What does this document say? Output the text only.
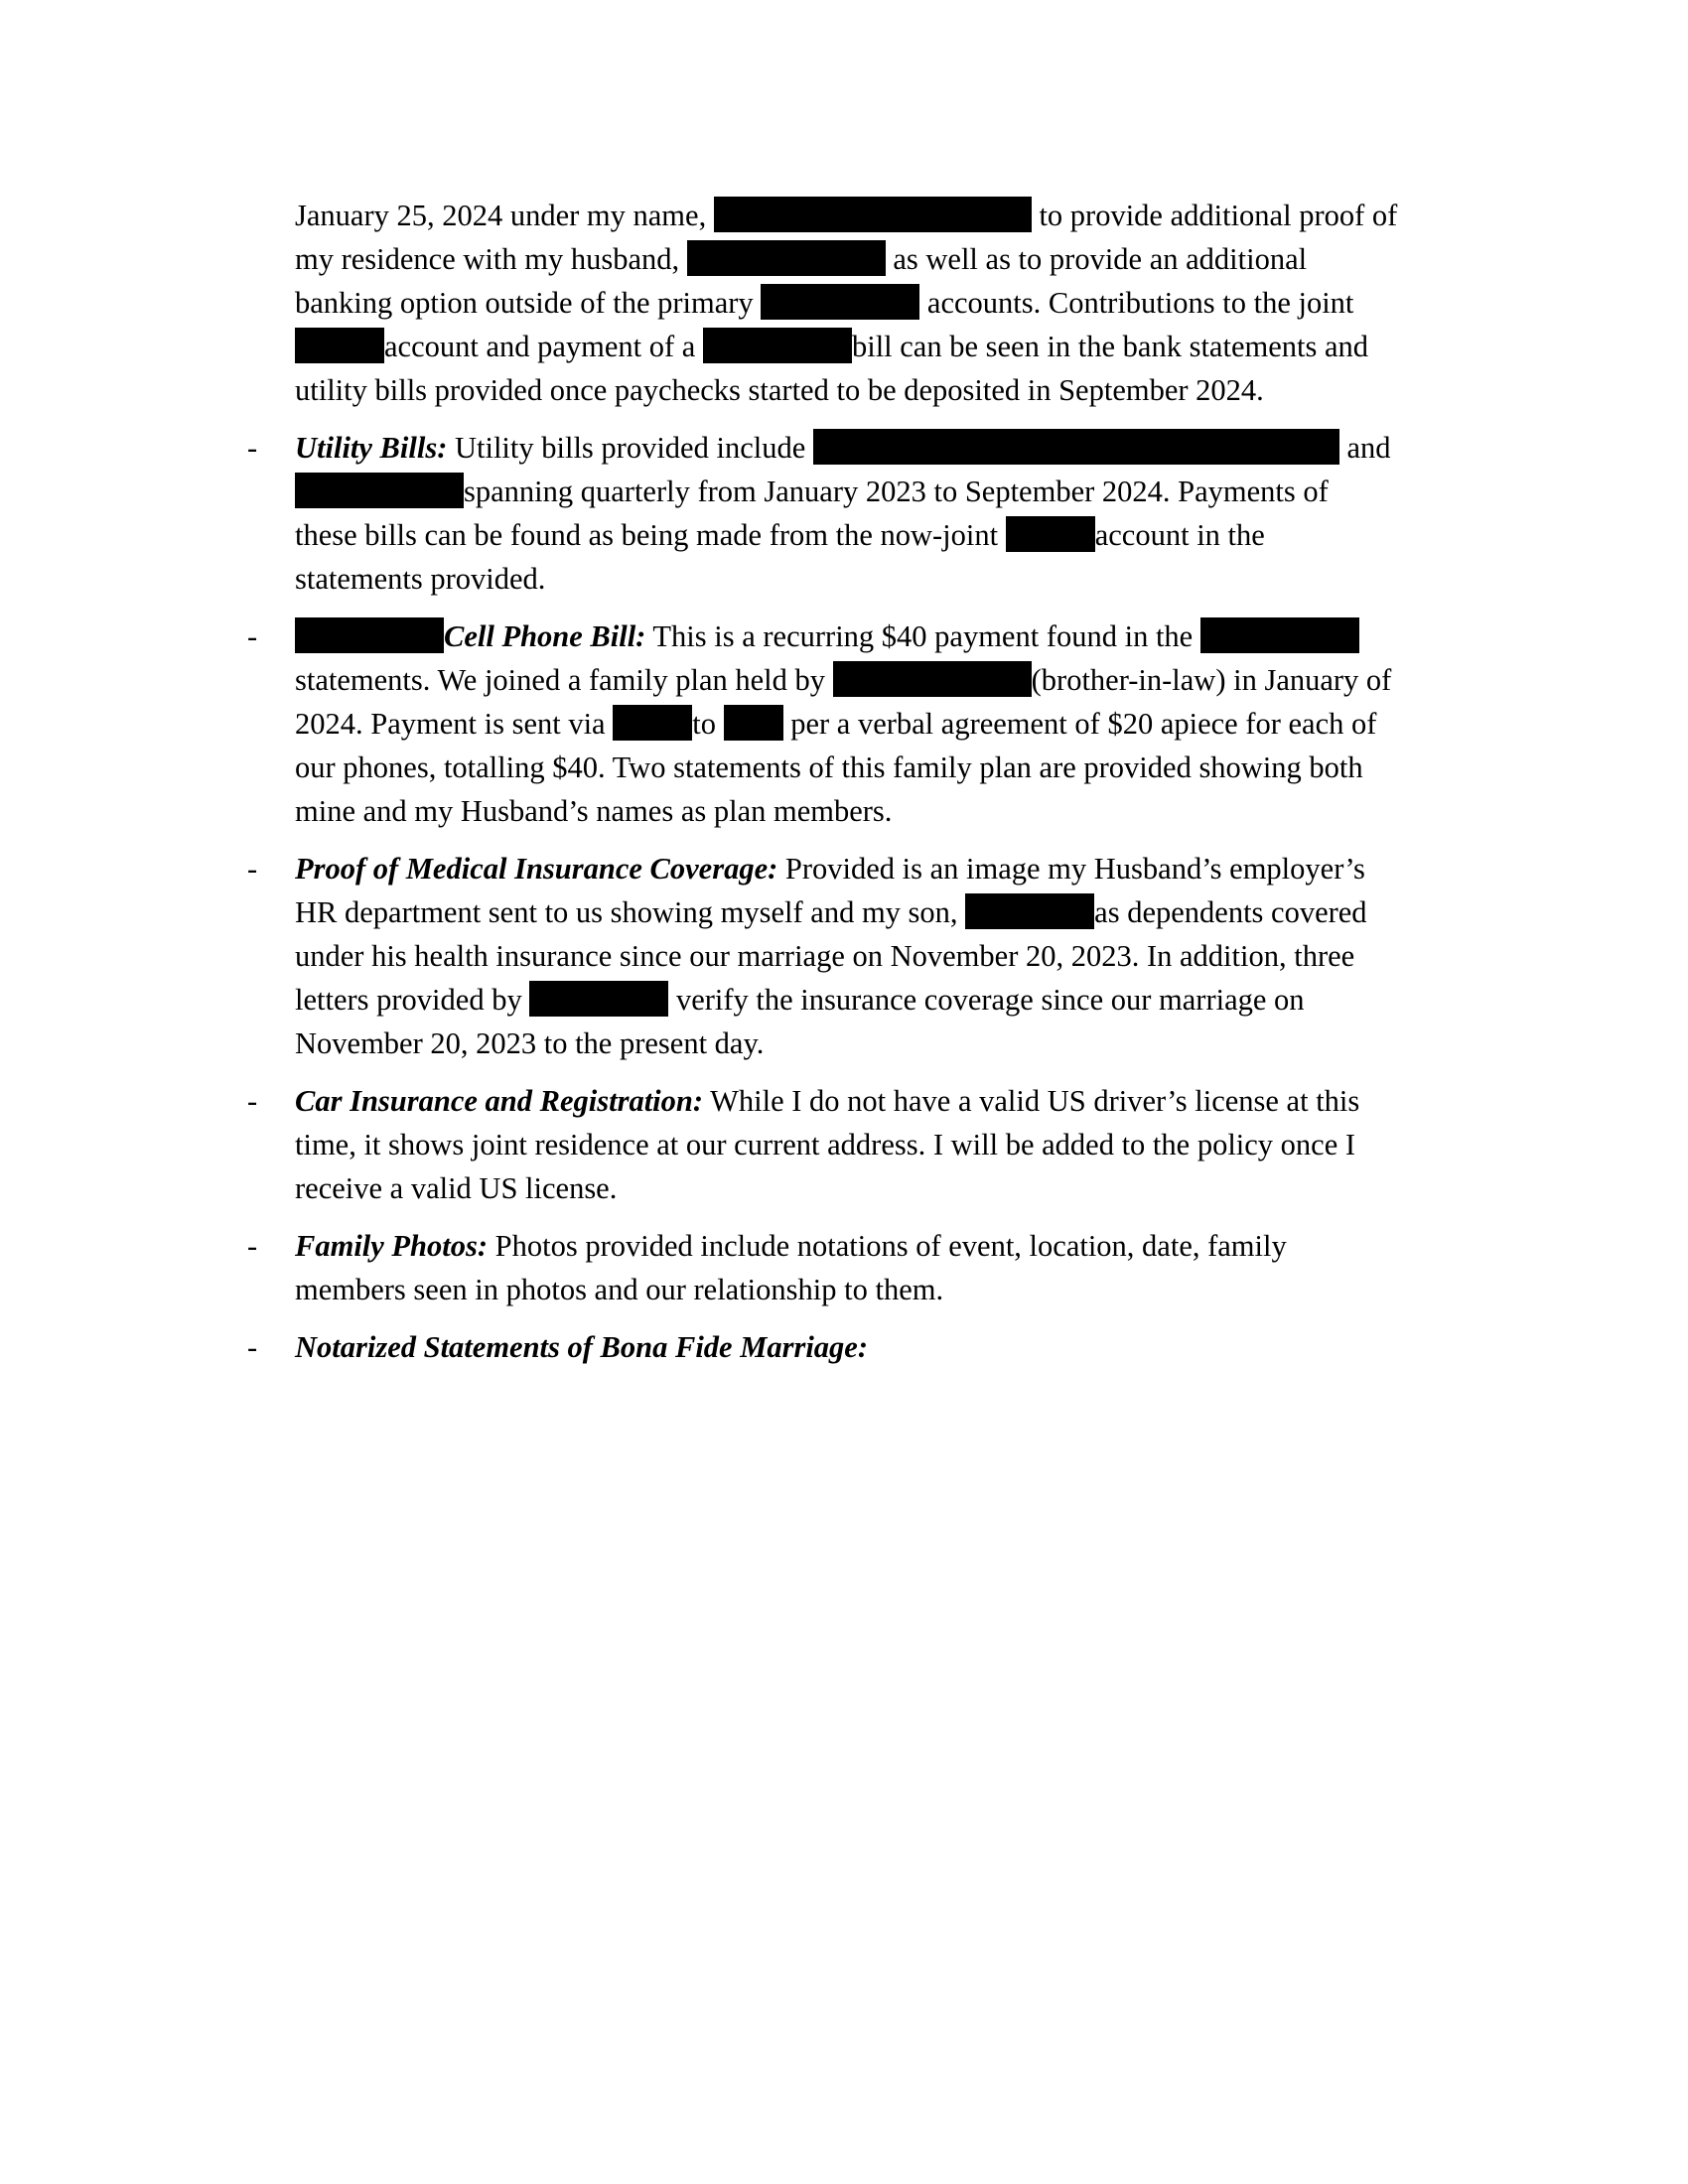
January 25, 2024 under my name,	to provide additional proof of
my residence with my husband,	as well as to provide an additional
banking option outside of the primary	accounts. Contributions to the joint
account and payment of a	bill can be seen in the bank statements and
utility bills provided once paychecks started to be deposited in September 2024.
- Utility Bills: Utility bills provided include	and
spanning quarterly from January 2023 to September 2024. Payments of
these bills can be found as being made from the now-joint	account in the
statements provided.
-	Cell Phone Bill: This is a recurring $40 payment found in the
statements. We joined a family plan held by	(brother-in-law) in January of
2024. Payment is sent via	to per a verbal agreement of $20 apiece for each of
our phones, totalling $40. Two statements of this family plan are provided showing both
mine and my Husband’s names as plan members.
- Proof of Medical Insurance Coverage: Provided is an image my Husband’s employer’s
HR department sent to us showing myself and my son,	as dependents covered
under his health insurance since our marriage on November 20, 2023. In addition, three
letters provided by	verify the insurance coverage since our marriage on
November 20, 2023 to the present day.
- Car Insurance and Registration: While I do not have a valid US driver’s license at this
time, it shows joint residence at our current address. I will be added to the policy once I
receive a valid US license.
- Family Photos: Photos provided include notations of event, location, date, family
members seen in photos and our relationship to them.
- Notarized Statements of Bona Fide Marriage:
